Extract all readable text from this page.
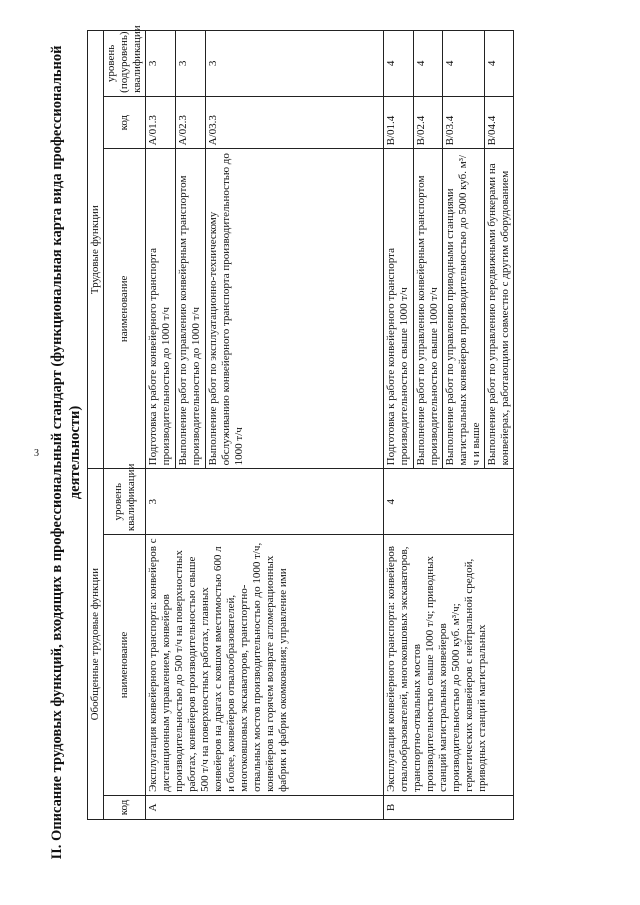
3 II. Описание трудовых функций, входящих в профессиональный стандарт (функциональная карта вида профессиональной деятельности)
Обобщенные трудовые функции			Трудовые функции		
код	наименование	уровень квалификации	наименование	код	уровень (подуровень) квалификации
А	Эксплуатация конвейерного транспорта: конвейеров с дистанционным управлением, конвейеров производительностью до 500 т/ч на поверхностных работах, конвейеров производительностью свыше 500 т/ч на поверхностных работах, главных конвейеров на драгах с ковшом вместимостью 600 л и более, конвейеров отвалообразователей, многоковшовых экскаваторов, транспортно-отвальных мостов производительностью до 1000 т/ч, конвейеров на горячем возврате агломерационных фабрик и фабрик окомкования; управление ими	3	Подготовка к работе конвейерного транспорта производительностью до 1000 т/ч	А/01.3	3
			Выполнение работ по управлению конвейерным транспортом производительностью до 1000 т/ч	А/02.3	3
			Выполнение работ по эксплуатационно-техническому обслуживанию конвейерного транспорта производительностью до 1000 т/ч	А/03.3	3
В	Эксплуатация конвейерного транспорта: конвейеров отвалообразователей, многоковшовых экскаваторов, транспортно-отвальных мостов производительностью свыше 1000 т/ч; приводных станций магистральных конвейеров производительностью до 5000 куб. м³/ч; герметических конвейеров с нейтральной средой, приводных станций магистральных	4	Подготовка к работе конвейерного транспорта производительностью свыше 1000 т/ч	В/01.4	4
			Выполнение работ по управлению конвейерным транспортом производительностью свыше 1000 т/ч	В/02.4	4
			Выполнение работ по управлению приводными станциями магистральных конвейеров производительностью до 5000 куб. м³/ч и выше	В/03.4	4
			Выполнение работ по управлению передвижными бункерами на конвейерах, работающими совместно с другим оборудованием	В/04.4	4
